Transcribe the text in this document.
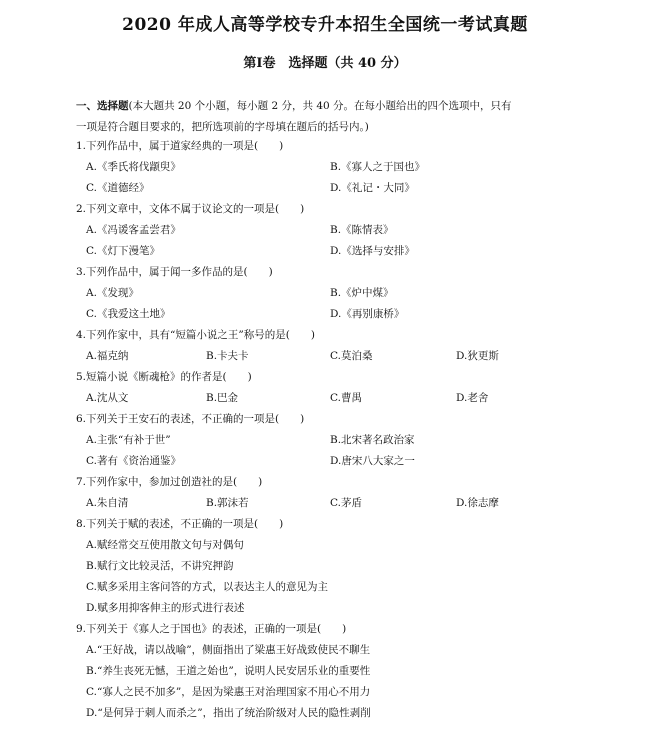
2020 年成人高等学校专升本招生全国统一考试真题
第Ⅰ卷　选择题（共 40 分）
一、选择题(本大题共 20 个小题，每小题 2 分，共 40 分。在每小题给出的四个选项中，只有
一项是符合题目要求的，把所选项前的字母填在题后的括号内。)
1.下列作品中，属于道家经典的一项是(　　)
A.《季氏将伐颛臾》	B.《寡人之于国也》
C.《道德经》	D.《礼记・大同》
2.下列文章中，文体不属于议论文的一项是(　　)
A.《冯谖客孟尝君》	B.《陈情表》
C.《灯下漫笔》	D.《选择与安排》
3.下列作品中，属于闻一多作品的是(　　)
A.《发现》	B.《炉中煤》
C.《我爱这土地》	D.《再别康桥》
4.下列作家中，具有“短篇小说之王”称号的是(　　)
A.福克纳	B.卡夫卡	C.莫泊桑	D.狄更斯
5.短篇小说《断魂枪》的作者是(　　)
A.沈从文	B.巴金	C.曹禺	D.老舍
6.下列关于王安石的表述，不正确的一项是(　　)
A.主张“有补于世”	B.北宋著名政治家
C.著有《资治通鉴》	D.唐宋八大家之一
7.下列作家中，参加过创造社的是(　　)
A.朱自清	B.郭沫若	C.茅盾	D.徐志摩
8.下列关于赋的表述，不正确的一项是(　　)
A.赋经常交互使用散文句与对偶句
B.赋行文比较灵活，不讲究押韵
C.赋多采用主客问答的方式，以表达主人的意见为主
D.赋多用抑客伸主的形式进行表述
9.下列关于《寡人之于国也》的表述，正确的一项是(　　)
A.“王好战，请以战喻”，侧面指出了梁惠王好战致使民不聊生
B.“养生丧死无憾，王道之始也”，说明人民安居乐业的重要性
C.“寡人之民不加多”，是因为梁惠王对治理国家不用心不用力
D.“是何异于刺人而杀之”，指出了统治阶级对人民的隐性剥削
